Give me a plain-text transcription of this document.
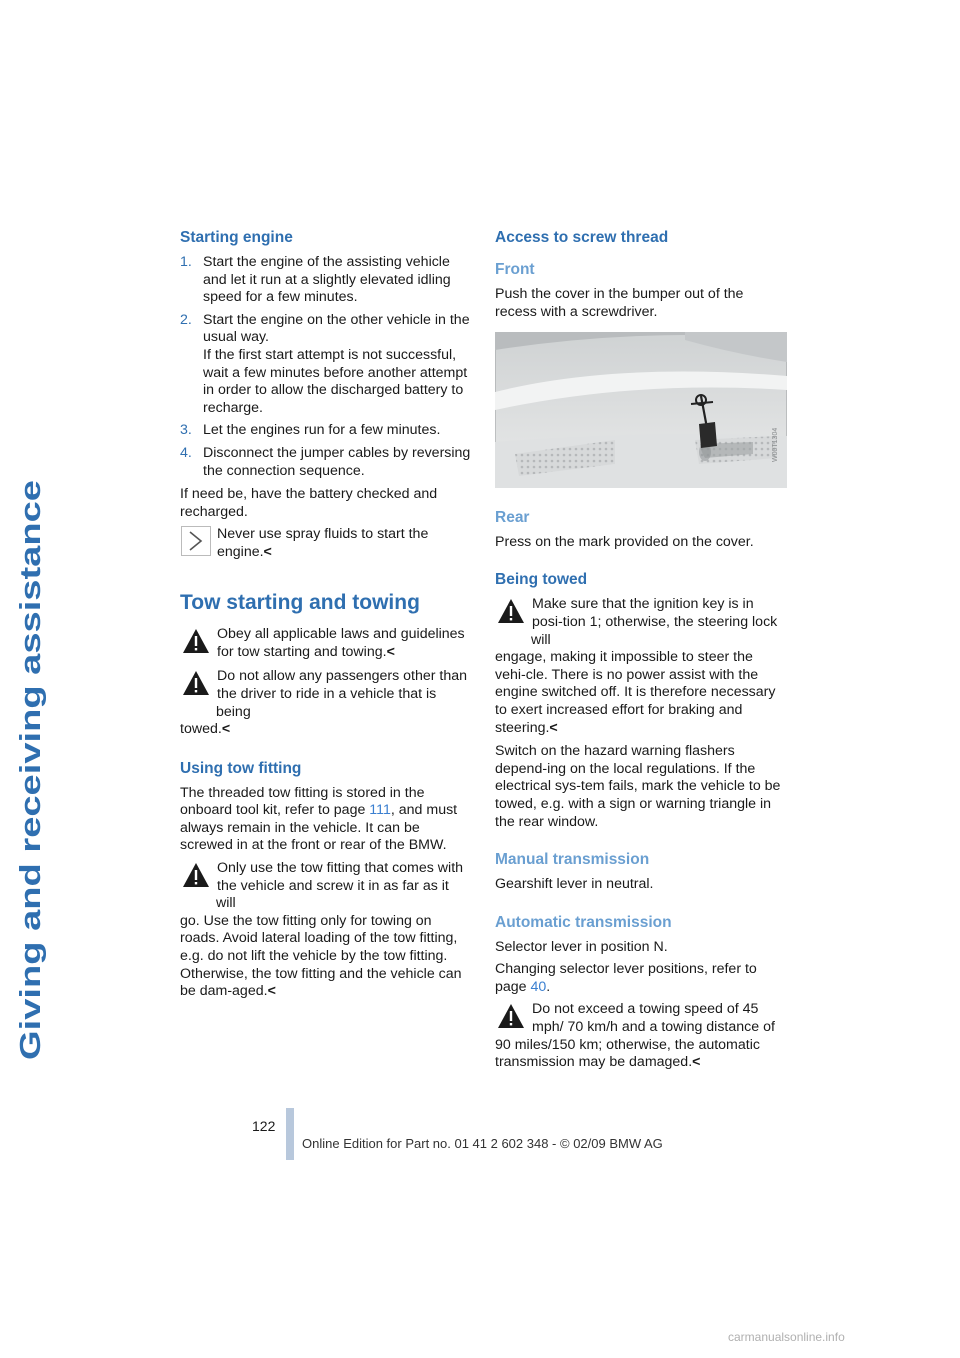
Giving and receiving assistance
Starting engine
1. Start the engine of the assisting vehicle and let it run at a slightly elevated idling speed for a few minutes.
2. Start the engine on the other vehicle in the usual way.
If the first start attempt is not successful, wait a few minutes before another attempt in order to allow the discharged battery to recharge.
3. Let the engines run for a few minutes.
4. Disconnect the jumper cables by reversing the connection sequence.

If need be, have the battery checked and recharged.

Never use spray fluids to start the engine.<
Tow starting and towing
Obey all applicable laws and guidelines for tow starting and towing.<
Do not allow any passengers other than the driver to ride in a vehicle that is being
towed.<
Using tow fitting

The threaded tow fitting is stored in the onboard tool kit, refer to page 111, and must always remain in the vehicle. It can be screwed in at the front or rear of the BMW.

Only use the tow fitting that comes with the vehicle and screw it in as far as it will
go. Use the tow fitting only for towing on roads. Avoid lateral loading of the tow fitting, e.g. do not lift the vehicle by the tow fitting. Otherwise, the tow fitting and the vehicle can be dam-aged.<
Access to screw thread
Front

Push the cover in the bumper out of the recess with a screwdriver.

W00T1304
Rear

Press on the mark provided on the cover.

Being towed
Make sure that the ignition key is in posi-tion 1; otherwise, the steering lock will
engage, making it impossible to steer the vehi-cle. There is no power assist with the engine switched off. It is therefore necessary to exert increased effort for braking and steering.<

Switch on the hazard warning flashers depend-ing on the local regulations. If the electrical sys-tem fails, mark the vehicle to be towed, e.g. with a sign or warning triangle in the rear window.

Manual transmission

Gearshift lever in neutral.

Automatic transmission

Selector lever in position N.

Changing selector lever positions, refer to page 40.

Do not exceed a towing speed of 45 mph/ 70 km/h and a towing distance of
90 miles/150 km; otherwise, the automatic transmission may be damaged.<
122
Online Edition for Part no. 01 41 2 602 348 - © 02/09 BMW AG
carmanualsonline.info
